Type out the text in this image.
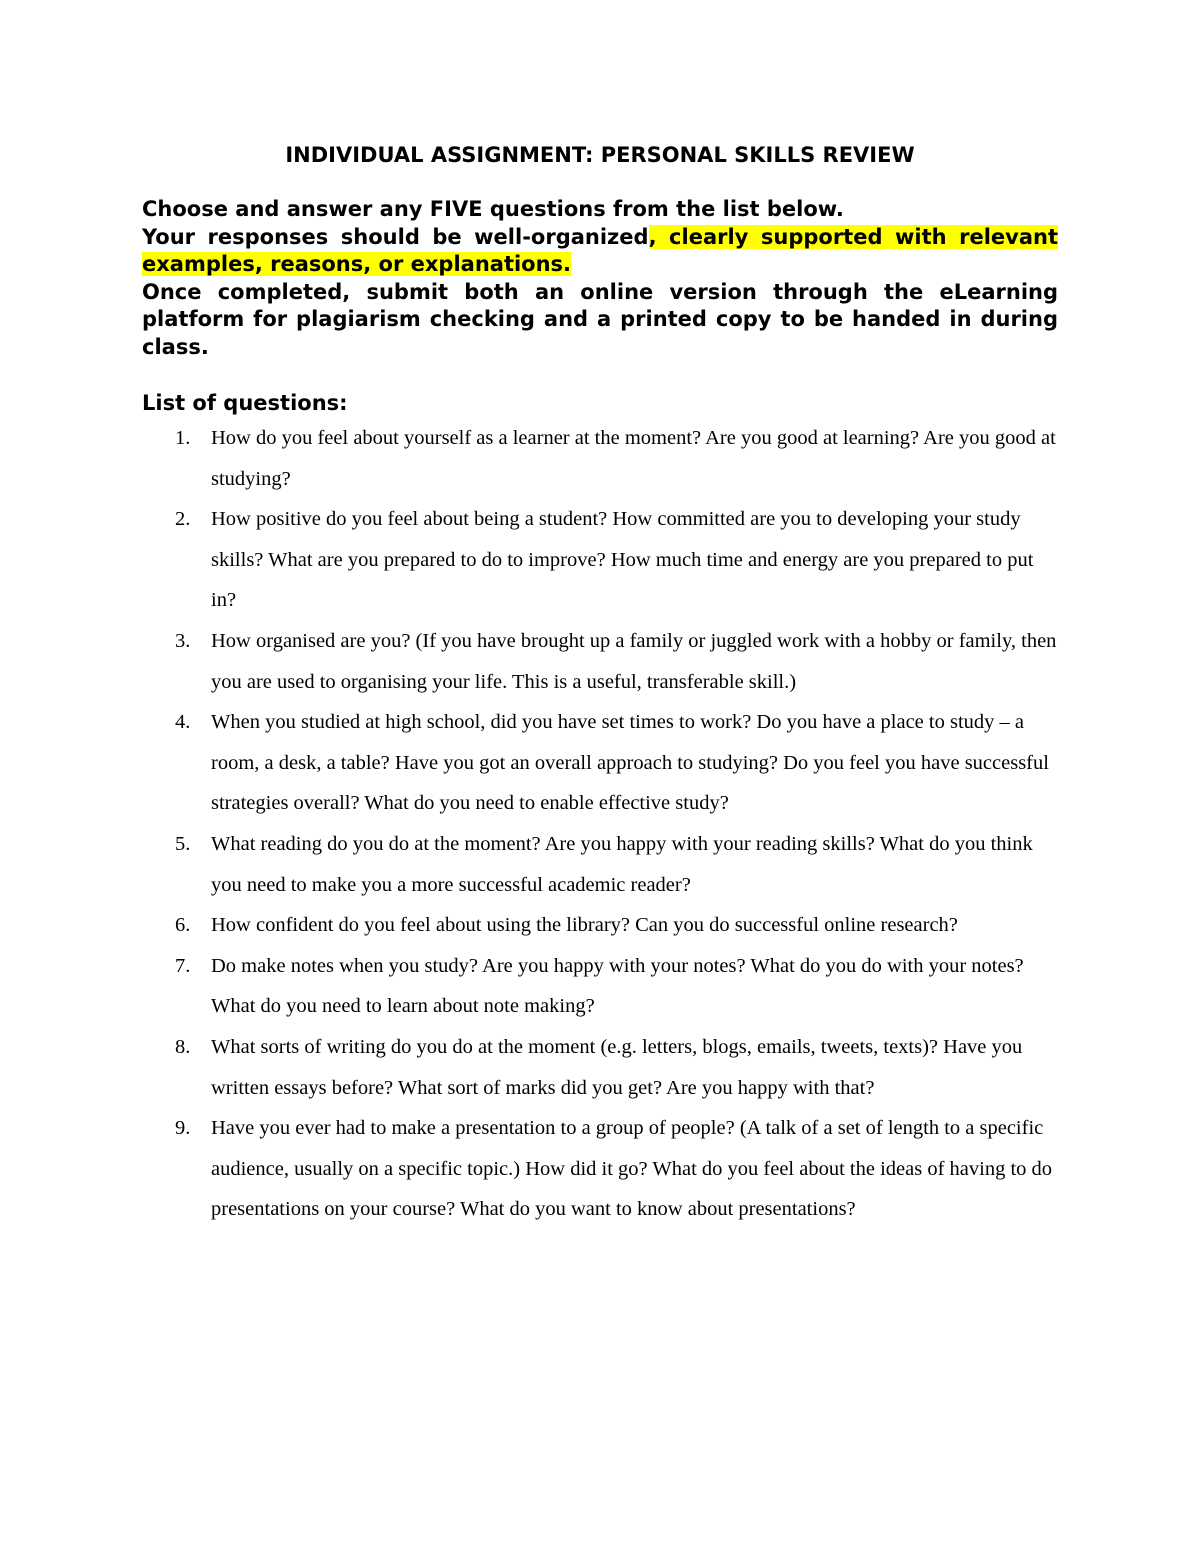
INDIVIDUAL ASSIGNMENT: PERSONAL SKILLS REVIEW

Choose and answer any FIVE questions from the list below.

Your responses should be well-organized, clearly supported with relevant examples, reasons, or explanations.

Once completed, submit both an online version through the eLearning platform for plagiarism checking and a printed copy to be handed in during class.

List of questions:

1. How do you feel about yourself as a learner at the moment? Are you good at learning? Are you good at studying?
2. How positive do you feel about being a student? How committed are you to developing your study skills? What are you prepared to do to improve? How much time and energy are you prepared to put in?
3. How organised are you? (If you have brought up a family or juggled work with a hobby or family, then you are used to organising your life. This is a useful, transferable skill.)
4. When you studied at high school, did you have set times to work? Do you have a place to study – a room, a desk, a table? Have you got an overall approach to studying? Do you feel you have successful strategies overall? What do you need to enable effective study?
5. What reading do you do at the moment? Are you happy with your reading skills? What do you think you need to make you a more successful academic reader?
6. How confident do you feel about using the library? Can you do successful online research?
7. Do make notes when you study? Are you happy with your notes? What do you do with your notes? What do you need to learn about note making?
8. What sorts of writing do you do at the moment (e.g. letters, blogs, emails, tweets, texts)? Have you written essays before? What sort of marks did you get? Are you happy with that?
9. Have you ever had to make a presentation to a group of people? (A talk of a set of length to a specific audience, usually on a specific topic.) How did it go? What do you feel about the ideas of having to do presentations on your course? What do you want to know about presentations?
